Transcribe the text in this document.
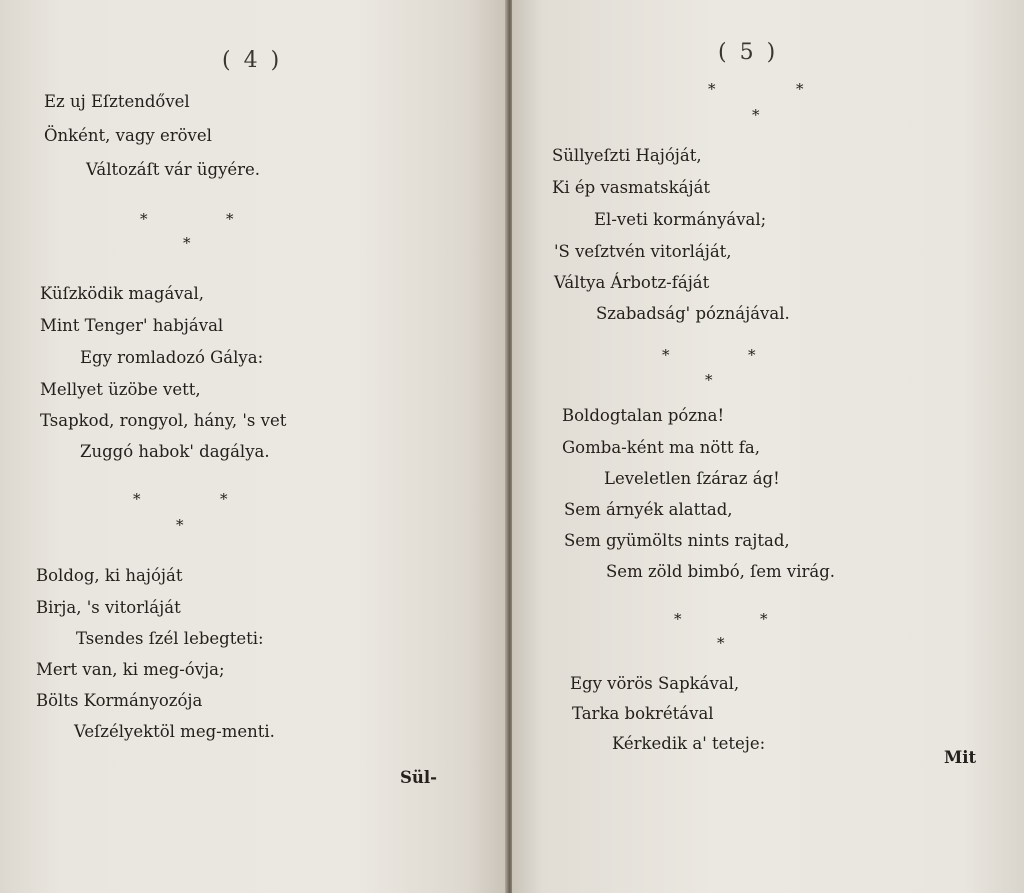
( 4 )
Ez uj Eſztendővel
Önként, vagy erövel
Változáſt vár ügyére.
*	*
*
Küſzködik magával,
Mint Tenger' habjával
Egy romladozó Gálya:
Mellyet üzöbe vett,
Tsapkod, rongyol, hány, 's vet
Zuggó habok' dagálya.
*	*
*
Boldog, ki hajóját
Birja, 's vitorláját
Tsendes ſzél lebegteti:
Mert van, ki meg-óvja;
Bölts Kormányozója
Veſzélyektöl meg-menti.
Sül-
( 5 )
*	*
*
Süllyeſzti Hajóját,
Ki ép vasmatskáját
El-veti kormányával;
'S veſztvén vitorláját,
Váltya Árbotz-fáját
Szabadság' póznájával.
*	*
*
Boldogtalan pózna!
Gomba-ként ma nött fa,
Leveletlen ſzáraz ág!
Sem árnyék alattad,
Sem gyümölts nints rajtad,
Sem zöld bimbó, ſem virág.
*	*
*
Egy vörös Sapkával,
Tarka bokrétával
Kérkedik a' teteje:
Mit
